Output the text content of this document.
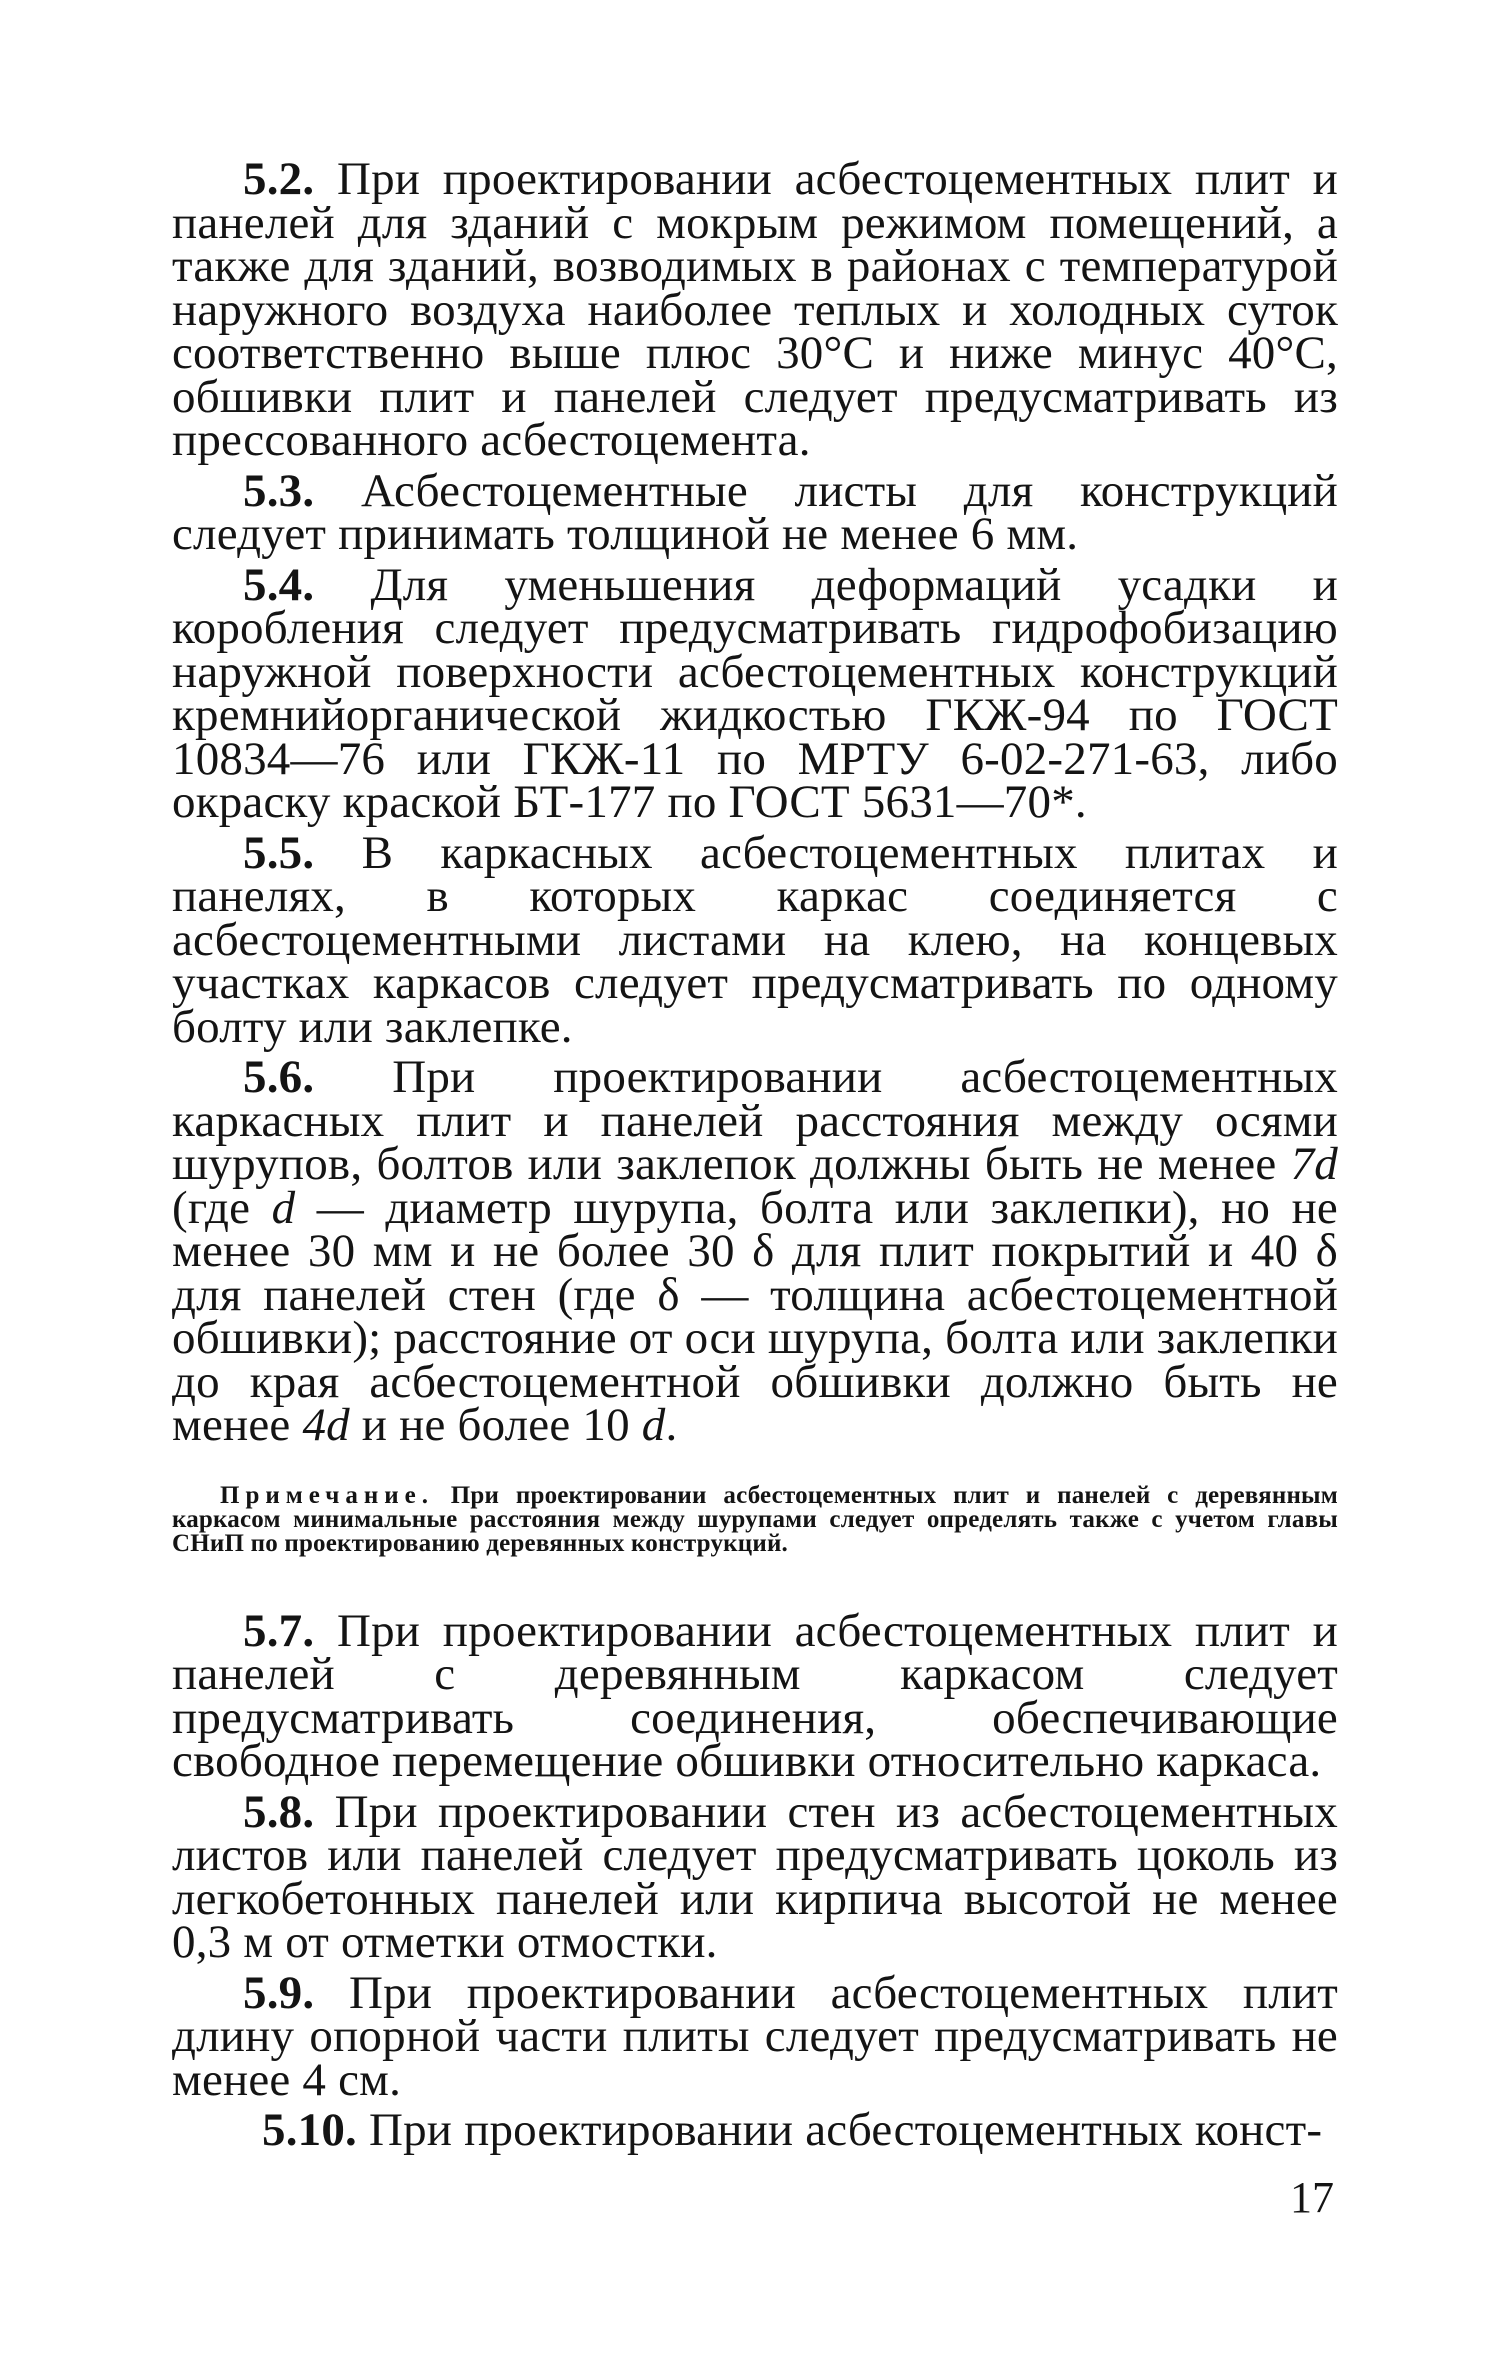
5.2. При проектировании асбестоцементных плит и панелей для зданий с мокрым режимом помещений, а также для зданий, возводимых в районах с температурой наружного воздуха наиболее теплых и холодных суток соответственно выше плюс 30°С и ниже минус 40°С, обшивки плит и панелей следует предусматривать из прессованного асбестоцемента.

5.3. Асбестоцементные листы для конструкций следует принимать толщиной не менее 6 мм.

5.4. Для уменьшения деформаций усадки и коробления следует предусматривать гидрофобизацию наружной поверхности асбестоцементных конструкций кремнийорганической жидкостью ГКЖ-94 по ГОСТ 10834—76 или ГКЖ-11 по МРТУ 6-02-271-63, либо окраску краской БТ-177 по ГОСТ 5631—70*.

5.5. В каркасных асбестоцементных плитах и панелях, в которых каркас соединяется с асбестоцементными листами на клею, на концевых участках каркасов следует предусматривать по одному болту или заклепке.

5.6. При проектировании асбестоцементных каркасных плит и панелей расстояния между осями шурупов, болтов или заклепок должны быть не менее 7d (где d — диаметр шурупа, болта или заклепки), но не менее 30 мм и не более 30 δ для плит покрытий и 40 δ для панелей стен (где δ — толщина асбестоцементной обшивки); расстояние от оси шурупа, болта или заклепки до края асбестоцементной обшивки должно быть не менее 4d и не более 10 d.

Примечание. При проектировании асбестоцементных плит и панелей с деревянным каркасом минимальные расстояния между шурупами следует определять также с учетом главы СНиП по проектированию деревянных конструкций.

5.7. При проектировании асбестоцементных плит и панелей с деревянным каркасом следует предусматривать соединения, обеспечивающие свободное перемещение обшивки относительно каркаса.

5.8. При проектировании стен из асбестоцементных листов или панелей следует предусматривать цоколь из легкобетонных панелей или кирпича высотой не менее 0,3 м от отметки отмостки.

5.9. При проектировании асбестоцементных плит длину опорной части плиты следует предусматривать не менее 4 см.

5.10. При проектировании асбестоцементных конст-

17
